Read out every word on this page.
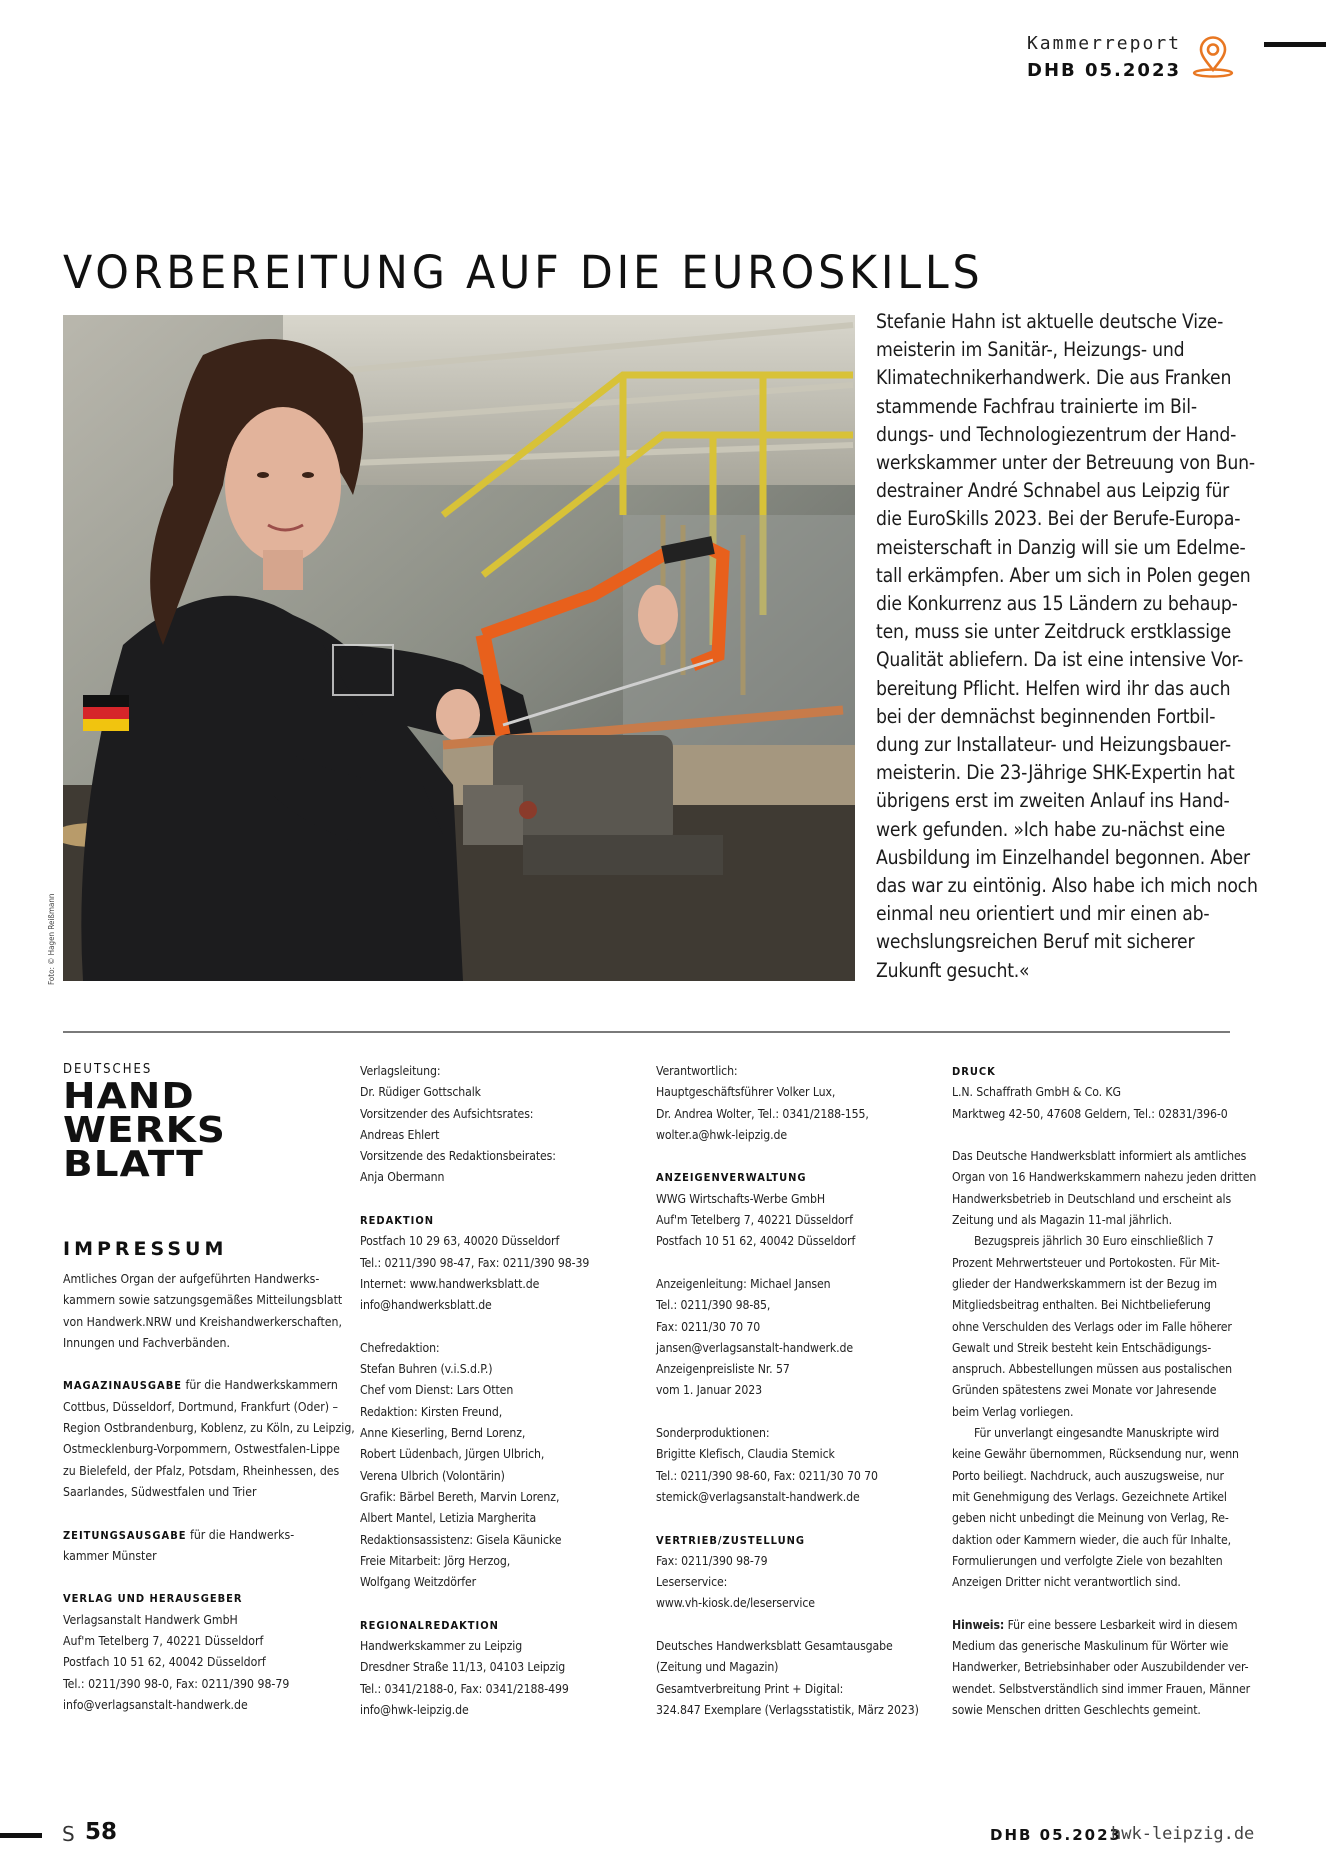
Kammerreport
DHB 05.2023
VORBEREITUNG AUF DIE EUROSKILLS
Foto: © Hagen Reißmann
Stefanie Hahn ist aktuelle deutsche Vize-
meisterin im Sanitär-, Heizungs- und
Klimatechnikerhandwerk. Die aus Franken
stammende Fachfrau trainierte im Bil-
dungs- und Technologiezentrum der Hand-
werkskammer unter der Betreuung von Bun-
destrainer André Schnabel aus Leipzig für
die EuroSkills 2023. Bei der Berufe-Europa-
meisterschaft in Danzig will sie um Edelme-
tall erkämpfen. Aber um sich in Polen gegen
die Konkurrenz aus 15 Ländern zu behaup-
ten, muss sie unter Zeitdruck erstklassige
Qualität abliefern. Da ist eine intensive Vor-
bereitung Pflicht. Helfen wird ihr das auch
bei der demnächst beginnenden Fortbil-
dung zur Installateur- und Heizungsbauer-
meisterin. Die 23-Jährige SHK-Expertin hat
übrigens erst im zweiten Anlauf ins Hand-
werk gefunden. »Ich habe zu-nächst eine
Ausbildung im Einzelhandel begonnen. Aber
das war zu eintönig. Also habe ich mich noch
einmal neu orientiert und mir einen ab-
wechslungsreichen Beruf mit sicherer
Zukunft gesucht.«
DEUTSCHES
HAND
WERKS
BLATT
IMPRESSUM
Amtliches Organ der aufgeführten Handwerks-
kammern sowie satzungsgemäßes Mitteilungsblatt
von Handwerk.NRW und Kreishandwerkerschaften,
Innungen und Fachverbänden.
MAGAZINAUSGABE für die Handwerkskammern
Cottbus, Düsseldorf, Dortmund, Frankfurt (Oder) –
Region Ostbrandenburg, Koblenz, zu Köln, zu Leipzig,
Ostmecklenburg-Vorpommern, Ostwestfalen-Lippe
zu Bielefeld, der Pfalz, Potsdam, Rheinhessen, des
Saarlandes, Südwestfalen und Trier
ZEITUNGSAUSGABE für die Handwerks-
kammer Münster
VERLAG UND HERAUSGEBER
Verlagsanstalt Handwerk GmbH
Auf'm Tetelberg 7, 40221 Düsseldorf
Postfach 10 51 62, 40042 Düsseldorf
Tel.: 0211/390 98-0, Fax: 0211/390 98-79
info@verlagsanstalt-handwerk.de
Verlagsleitung:
Dr. Rüdiger Gottschalk
Vorsitzender des Aufsichtsrates:
Andreas Ehlert
Vorsitzende des Redaktionsbeirates:
Anja Obermann
REDAKTION
Postfach 10 29 63, 40020 Düsseldorf
Tel.: 0211/390 98-47, Fax: 0211/390 98-39
Internet: www.handwerksblatt.de
info@handwerksblatt.de
Chefredaktion:
Stefan Buhren (v.i.S.d.P.)
Chef vom Dienst: Lars Otten
Redaktion: Kirsten Freund,
Anne Kieserling, Bernd Lorenz,
Robert Lüdenbach, Jürgen Ulbrich,
Verena Ulbrich (Volontärin)
Grafik: Bärbel Bereth, Marvin Lorenz,
Albert Mantel, Letizia Margherita
Redaktionsassistenz: Gisela Käunicke
Freie Mitarbeit: Jörg Herzog,
Wolfgang Weitzdörfer
REGIONALREDAKTION
Handwerkskammer zu Leipzig
Dresdner Straße 11/13, 04103 Leipzig
Tel.: 0341/2188-0, Fax: 0341/2188-499
info@hwk-leipzig.de
Verantwortlich:
Hauptgeschäftsführer Volker Lux,
Dr. Andrea Wolter, Tel.: 0341/2188-155,
wolter.a@hwk-leipzig.de
ANZEIGENVERWALTUNG
WWG Wirtschafts-Werbe GmbH
Auf'm Tetelberg 7, 40221 Düsseldorf
Postfach 10 51 62, 40042 Düsseldorf
Anzeigenleitung: Michael Jansen
Tel.: 0211/390 98-85,
Fax: 0211/30 70 70
jansen@verlagsanstalt-handwerk.de
Anzeigenpreisliste Nr. 57
vom 1. Januar 2023
Sonderproduktionen:
Brigitte Klefisch, Claudia Stemick
Tel.: 0211/390 98-60, Fax: 0211/30 70 70
stemick@verlagsanstalt-handwerk.de
VERTRIEB/ZUSTELLUNG
Fax: 0211/390 98-79
Leserservice:
www.vh-kiosk.de/leserservice
Deutsches Handwerksblatt Gesamtausgabe
(Zeitung und Magazin)
Gesamtverbreitung Print + Digital:
324.847 Exemplare (Verlagsstatistik, März 2023)
DRUCK
L.N. Schaffrath GmbH & Co. KG
Marktweg 42-50, 47608 Geldern, Tel.: 02831/396-0
Das Deutsche Handwerksblatt informiert als amtliches
Organ von 16 Handwerkskammern nahezu jeden dritten
Handwerksbetrieb in Deutschland und erscheint als
Zeitung und als Magazin 11-mal jährlich.
Bezugspreis jährlich 30 Euro einschließlich 7
Prozent Mehrwertsteuer und Portokosten. Für Mit-
glieder der Handwerkskammern ist der Bezug im
Mitgliedsbeitrag enthalten. Bei Nichtbelieferung
ohne Verschulden des Verlags oder im Falle höherer
Gewalt und Streik besteht kein Entschädigungs-
anspruch. Abbestellungen müssen aus postalischen
Gründen spätestens zwei Monate vor Jahresende
beim Verlag vorliegen.
Für unverlangt eingesandte Manuskripte wird
keine Gewähr übernommen, Rücksendung nur, wenn
Porto beiliegt. Nachdruck, auch auszugsweise, nur
mit Genehmigung des Verlags. Gezeichnete Artikel
geben nicht unbedingt die Meinung von Verlag, Re-
daktion oder Kammern wieder, die auch für Inhalte,
Formulierungen und verfolgte Ziele von bezahlten
Anzeigen Dritter nicht verantwortlich sind.
Hinweis: Für eine bessere Lesbarkeit wird in diesem
Medium das generische Maskulinum für Wörter wie
Handwerker, Betriebsinhaber oder Auszubildender ver-
wendet. Selbstverständlich sind immer Frauen, Männer
sowie Menschen dritten Geschlechts gemeint.
S 58	DHB 05.2023
hwk-leipzig.de
